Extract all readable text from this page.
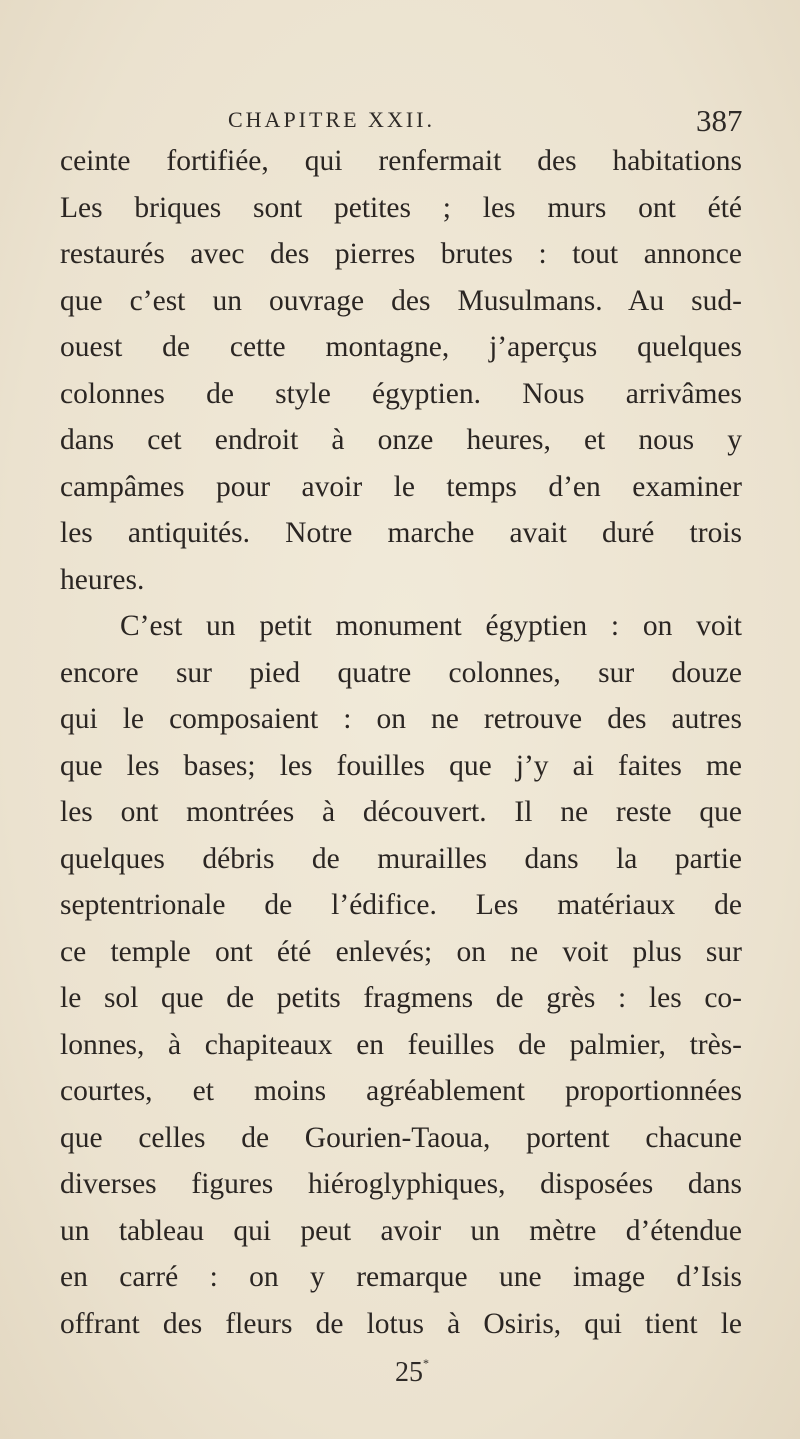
CHAPITRE XXII.	387
ceinte fortifiée, qui renfermait des habitations
Les briques sont petites ; les murs ont été
restaurés avec des pierres brutes : tout annonce
que c’est un ouvrage des Musulmans. Au sud-
ouest de cette montagne, j’aperçus quelques
colonnes de style égyptien. Nous arrivâmes
dans cet endroit à onze heures, et nous y
campâmes pour avoir le temps d’en examiner
les antiquités. Notre marche avait duré trois
heures.
C’est un petit monument égyptien : on voit
encore sur pied quatre colonnes, sur douze
qui le composaient : on ne retrouve des autres
que les bases; les fouilles que j’y ai faites me
les ont montrées à découvert. Il ne reste que
quelques débris de murailles dans la partie
septentrionale de l’édifice. Les matériaux de
ce temple ont été enlevés; on ne voit plus sur
le sol que de petits fragmens de grès : les co-
lonnes, à chapiteaux en feuilles de palmier, très-
courtes, et moins agréablement proportionnées
que celles de Gourien-Taoua, portent chacune
diverses figures hiéroglyphiques, disposées dans
un tableau qui peut avoir un mètre d’étendue
en carré : on y remarque une image d’Isis
offrant des fleurs de lotus à Osiris, qui tient le
25*
